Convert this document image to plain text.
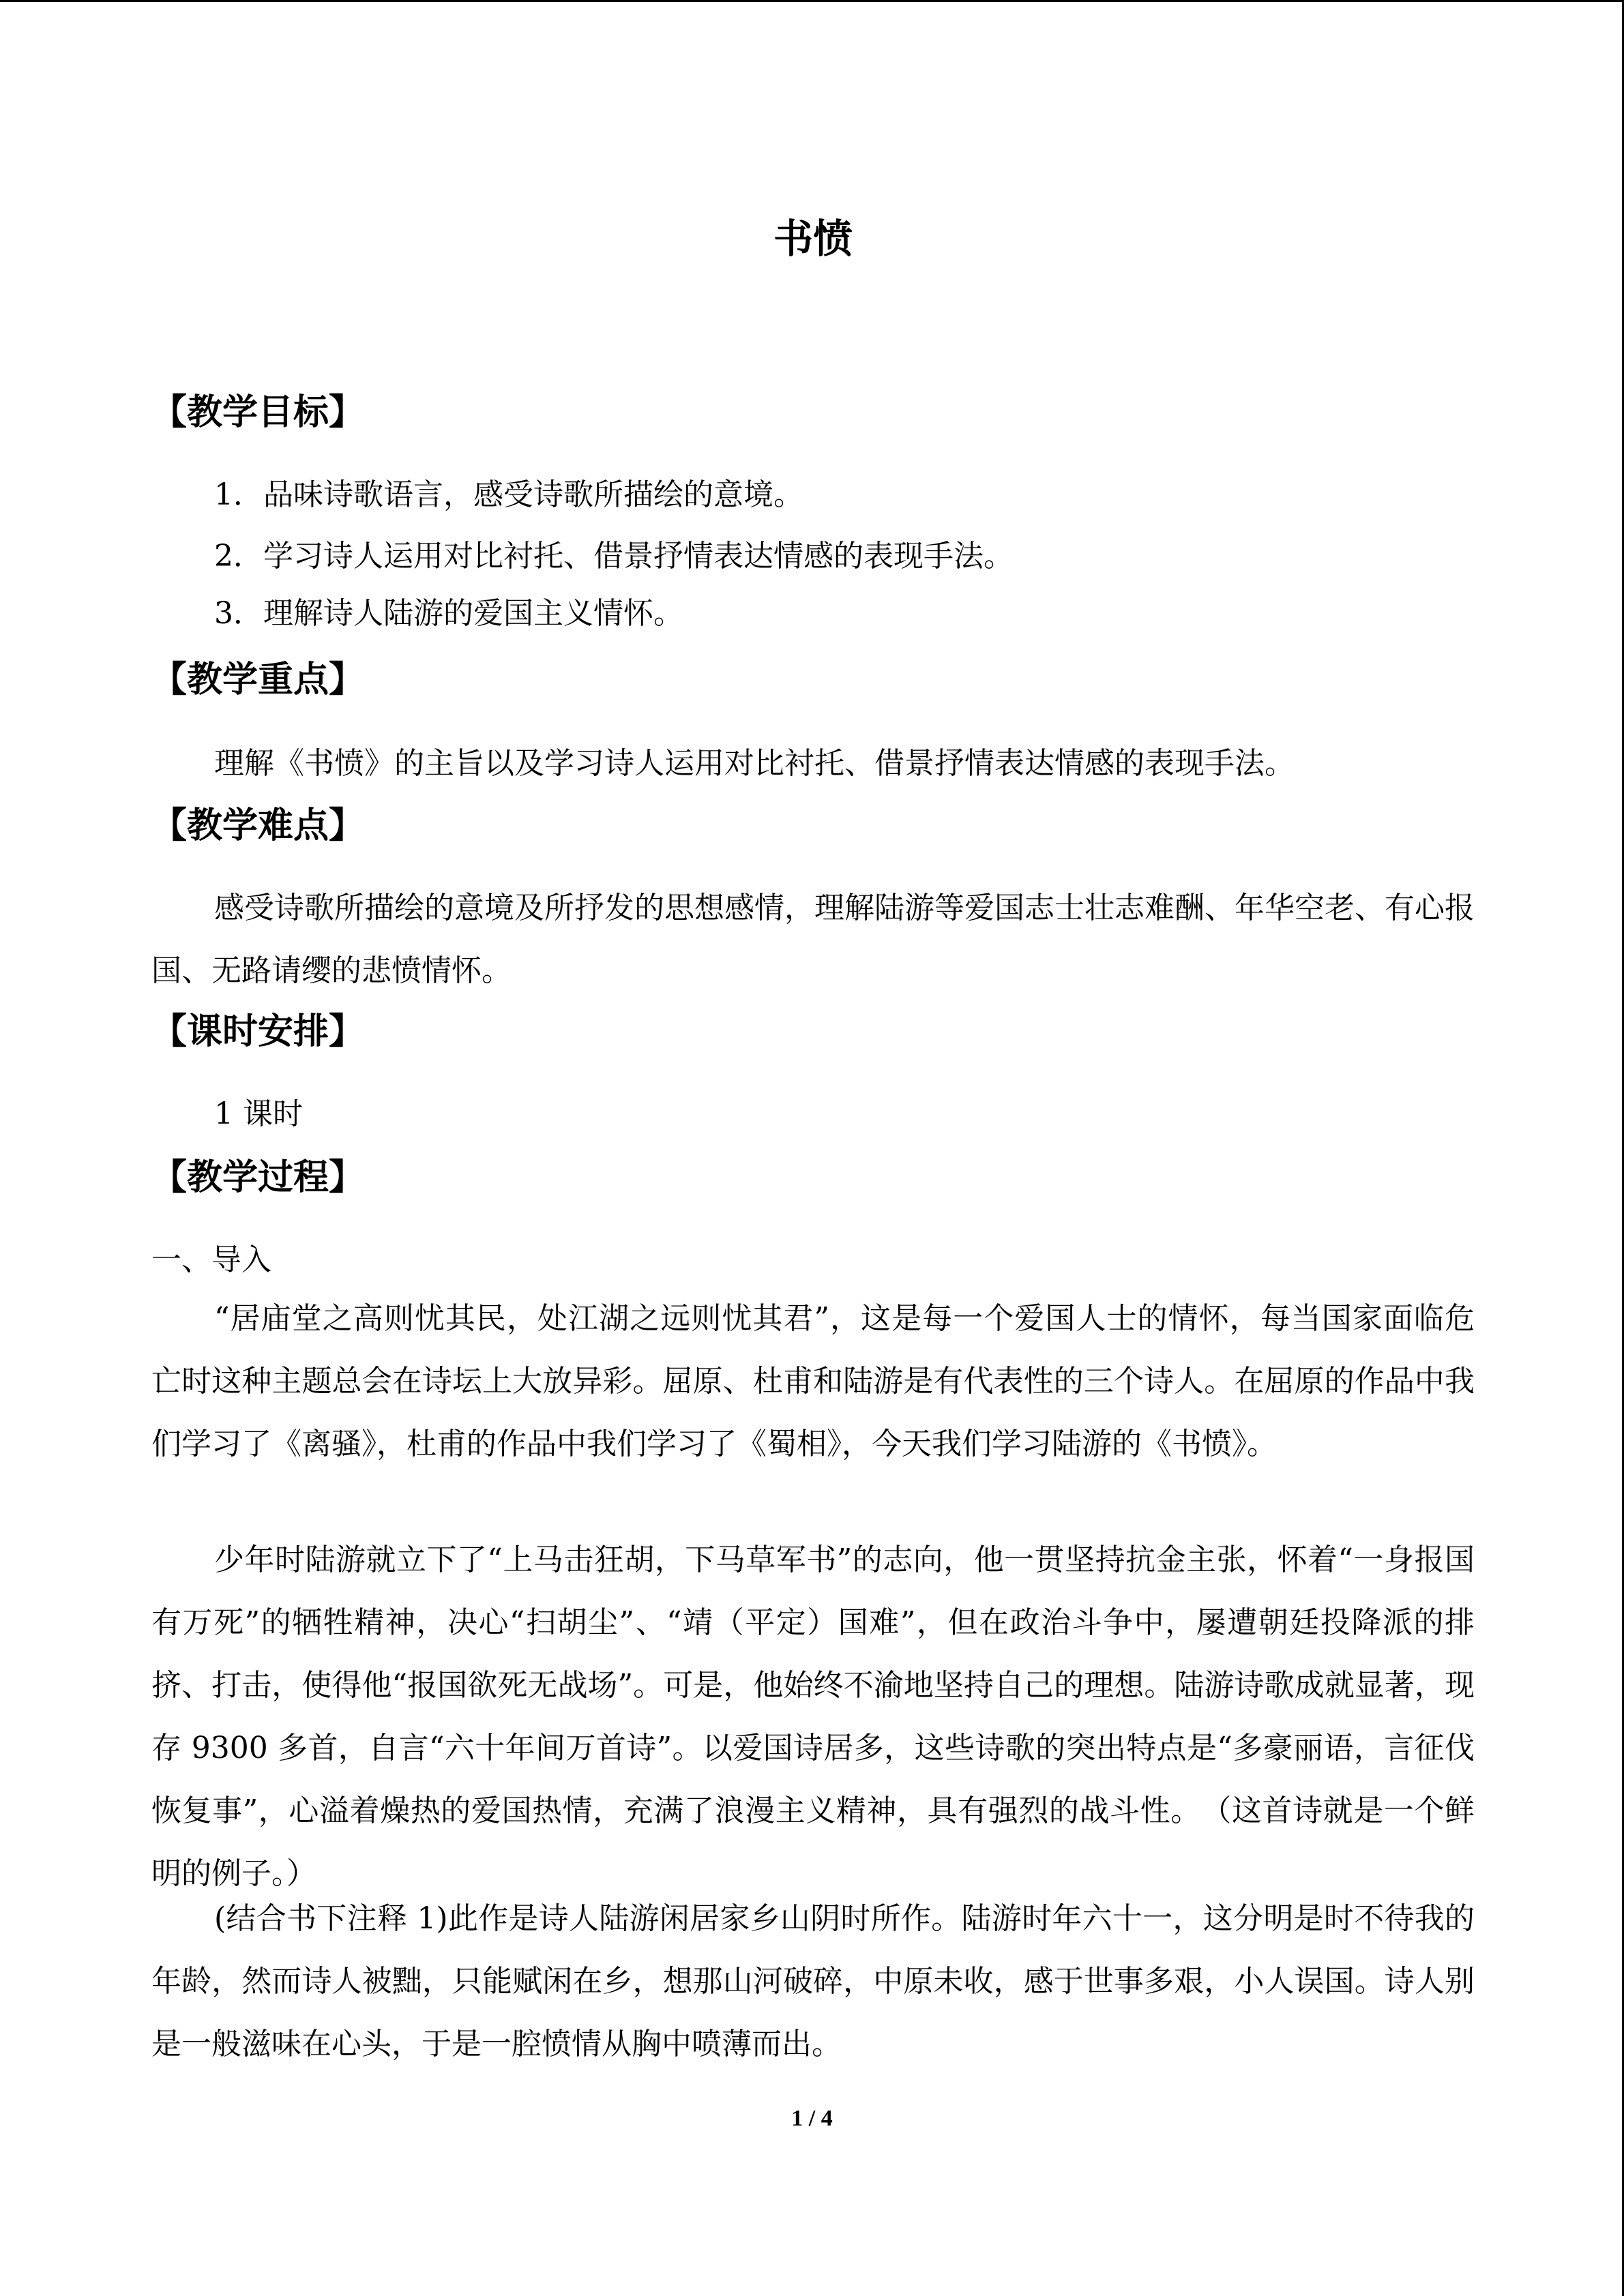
书愤
【教学目标】
1．品味诗歌语言，感受诗歌所描绘的意境。
2．学习诗人运用对比衬托、借景抒情表达情感的表现手法。
3．理解诗人陆游的爱国主义情怀。
【教学重点】
理解《书愤》的主旨以及学习诗人运用对比衬托、借景抒情表达情感的表现手法。
【教学难点】
感受诗歌所描绘的意境及所抒发的思想感情，理解陆游等爱国志士壮志难酬、年华空老、有心报国、无路请缨的悲愤情怀。
【课时安排】
1 课时
【教学过程】
一、导入
“居庙堂之高则忧其民，处江湖之远则忧其君”，这是每一个爱国人士的情怀，每当国家面临危亡时这种主题总会在诗坛上大放异彩。屈原、杜甫和陆游是有代表性的三个诗人。在屈原的作品中我们学习了《离骚》，杜甫的作品中我们学习了《蜀相》，今天我们学习陆游的《书愤》。
少年时陆游就立下了“上马击狂胡，下马草军书”的志向，他一贯坚持抗金主张，怀着“一身报国有万死”的牺牲精神，决心“扫胡尘”、“靖（平定）国难”，但在政治斗争中，屡遭朝廷投降派的排挤、打击，使得他“报国欲死无战场”。可是，他始终不渝地坚持自己的理想。陆游诗歌成就显著，现存 9300 多首，自言“六十年间万首诗”。以爱国诗居多，这些诗歌的突出特点是“多豪丽语，言征伐恢复事”，心溢着燥热的爱国热情，充满了浪漫主义精神，具有强烈的战斗性。　（这首诗就是一个鲜明的例子。）
(结合书下注释 1)此作是诗人陆游闲居家乡山阴时所作。陆游时年六十一，这分明是时不待我的年龄，然而诗人被黜，只能赋闲在乡，想那山河破碎，中原未收，感于世事多艰，小人误国。诗人别是一般滋味在心头，于是一腔愤情从胸中喷薄而出。
1 / 4
